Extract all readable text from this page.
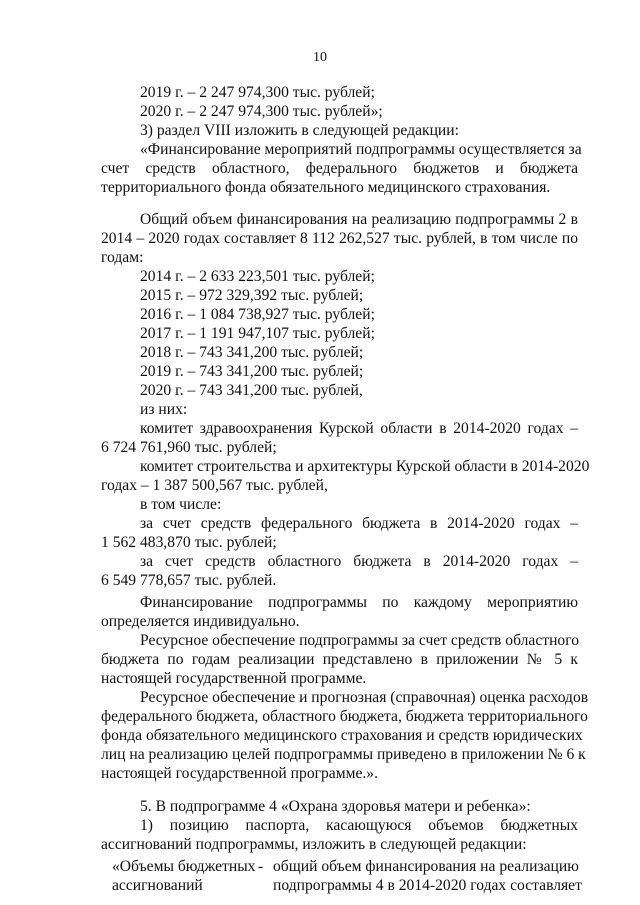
10
2019 г. – 2 247 974,300 тыс. рублей;
2020 г. – 2 247 974,300 тыс. рублей»;
3) раздел VIII изложить в следующей редакции:
«Финансирование мероприятий подпрограммы осуществляется за
счет средств областного, федерального бюджетов и бюджета
территориального фонда обязательного медицинского страхования.
Общий объем финансирования на реализацию подпрограммы 2 в
2014 – 2020 годах составляет 8 112 262,527 тыс. рублей, в том числе по
годам:
2014 г. – 2 633 223,501 тыс. рублей;
2015 г. – 972 329,392 тыс. рублей;
2016 г. – 1 084 738,927 тыс. рублей;
2017 г. – 1 191 947,107 тыс. рублей;
2018 г. – 743 341,200 тыс. рублей;
2019 г. – 743 341,200 тыс. рублей;
2020 г. – 743 341,200 тыс. рублей,
из них:
комитет здравоохранения Курской области в 2014-2020 годах –
6 724 761,960 тыс. рублей;
комитет строительства и архитектуры Курской области в 2014-2020
годах – 1 387 500,567 тыс. рублей,
в том числе:
за счет средств федерального бюджета в 2014-2020 годах –
1 562 483,870 тыс. рублей;
за счет средств областного бюджета в 2014-2020 годах –
6 549 778,657 тыс. рублей.
Финансирование подпрограммы по каждому мероприятию
определяется индивидуально.
Ресурсное обеспечение подпрограммы за счет средств областного
бюджета по годам реализации представлено в приложении № 5 к
настоящей государственной программе.
Ресурсное обеспечение и прогнозная (справочная) оценка расходов
федерального бюджета, областного бюджета, бюджета территориального
фонда обязательного медицинского страхования и средств юридических
лиц на реализацию целей подпрограммы приведено в приложении № 6 к
настоящей государственной программе.».
5. В подпрограмме 4 «Охрана здоровья матери и ребенка»:
1) позицию паспорта, касающуюся объемов бюджетных
ассигнований подпрограммы, изложить в следующей редакции:
«Объемы бюджетных
ассигнований
- общий объем финансирования на реализацию
подпрограммы 4 в 2014-2020 годах составляет
